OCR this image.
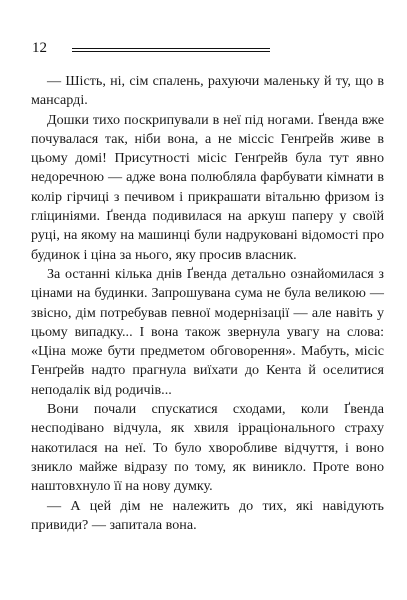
12

— Шість, ні, сім спалень, рахуючи маленьку й ту, що в мансарді.

Дошки тихо поскрипували в неї під ногами. Ґвенда вже почувалася так, ніби вона, а не міссіс Генґрейв живе в цьому домі! Присутності місіс Генґрейв була тут явно недоречною — адже вона полюбляла фарбувати кімнати в колір гірчиці з печивом і прикрашати вітальню фризом із гліциніями. Ґвенда подивилася на аркуш паперу у своїй руці, на якому на машинці були надруковані відомості про будинок і ціна за нього, яку просив власник.

За останні кілька днів Ґвенда детально ознайомилася з цінами на будинки. Запрошувана сума не була великою — звісно, дім потребував певної модернізації — але навіть у цьому випадку... І вона також звернула увагу на слова: «Ціна може бути предметом обговорення». Мабуть, місіс Генґрейв надто прагнула виїхати до Кента й оселитися неподалік від родичів...

Вони почали спускатися сходами, коли Ґвенда несподівано відчула, як хвиля ірраціонального страху накотилася на неї. То було хворобливе відчуття, і воно зникло майже відразу по тому, як виникло. Проте воно наштовхнуло її на нову думку.

— А цей дім не належить до тих, які навідують привиди? — запитала вона.
